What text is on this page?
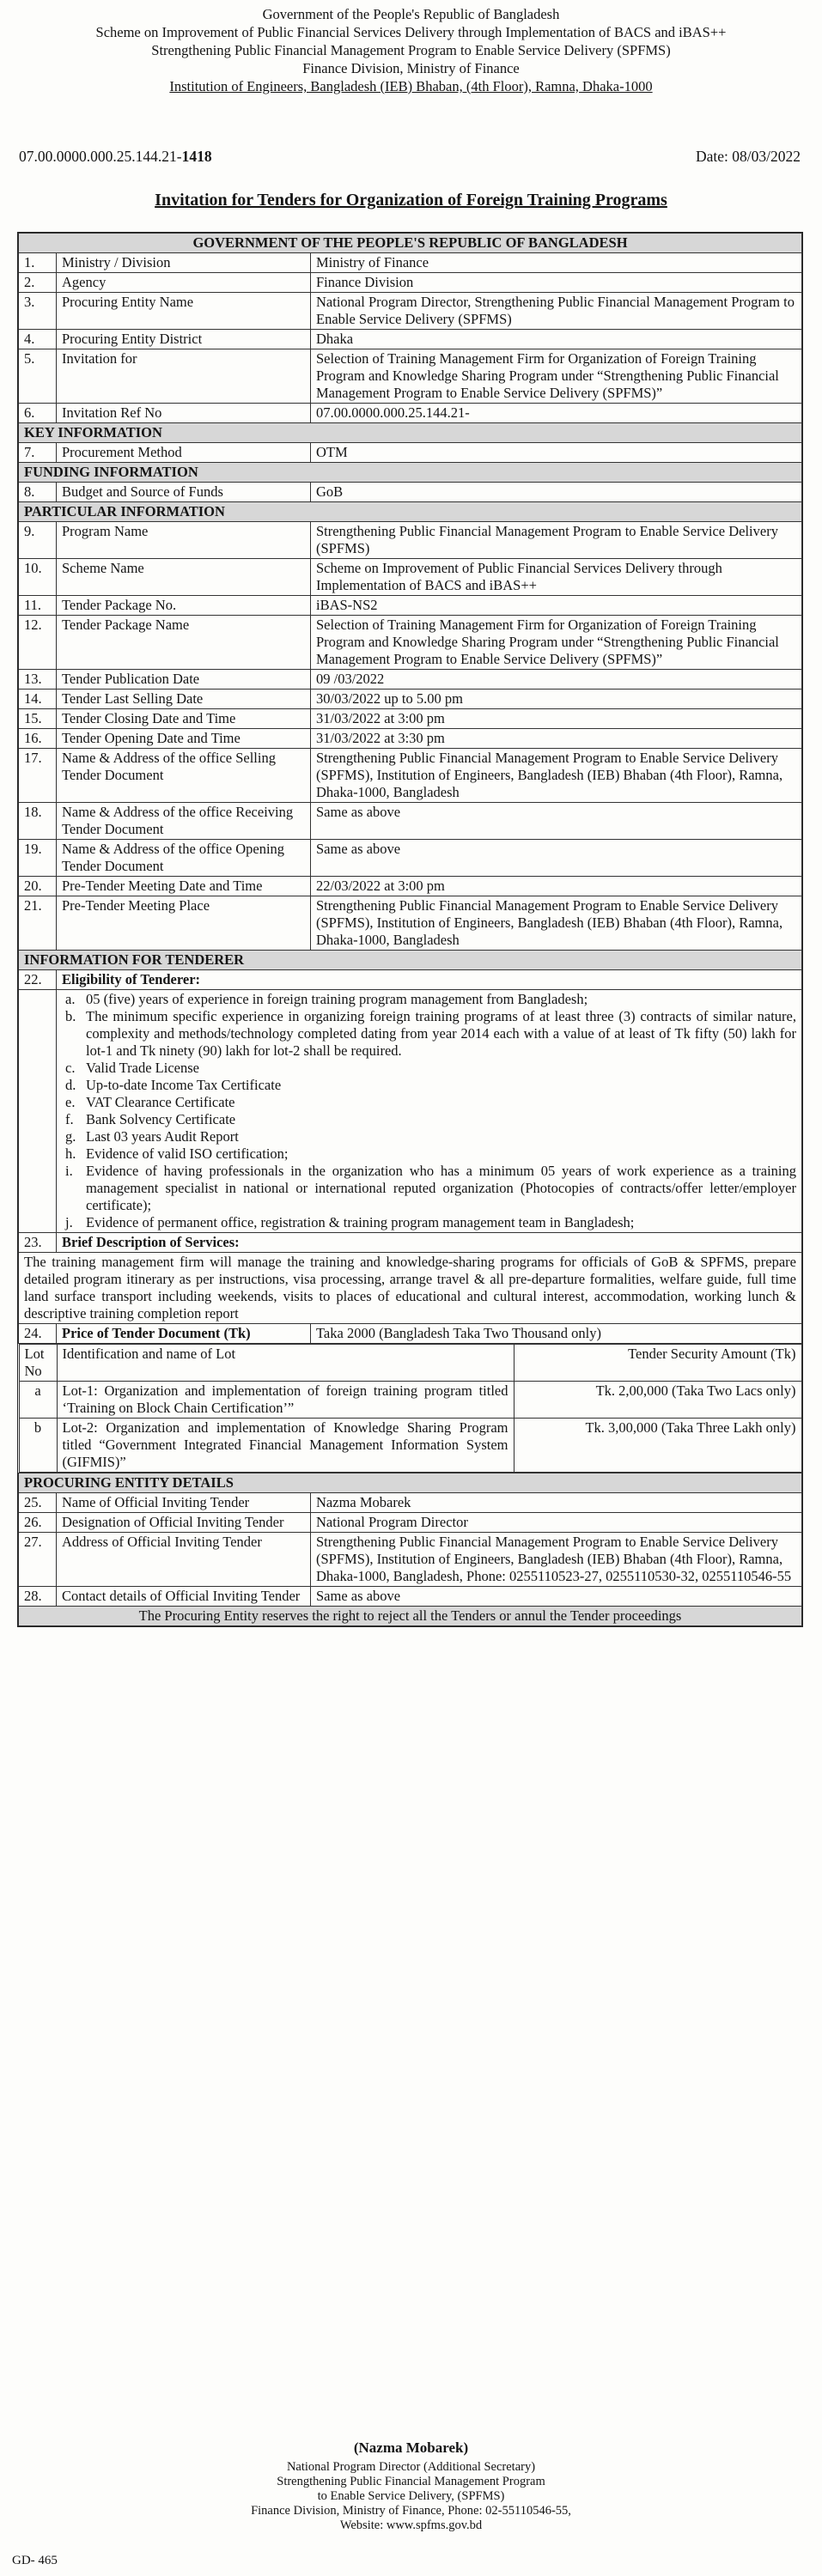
Government of the People's Republic of Bangladesh
Scheme on Improvement of Public Financial Services Delivery through Implementation of BACS and iBAS++
Strengthening Public Financial Management Program to Enable Service Delivery (SPFMS)
Finance Division, Ministry of Finance
Institution of Engineers, Bangladesh (IEB) Bhaban, (4th Floor), Ramna, Dhaka-1000
07.00.0000.000.25.144.21-1418	Date: 08/03/2022
Invitation for Tenders for Organization of Foreign Training Programs
GOVERNMENT OF THE PEOPLE'S REPUBLIC OF BANGLADESH
1.	Ministry / Division	Ministry of Finance
2.	Agency	Finance Division
3.	Procuring Entity Name	National Program Director, Strengthening Public Financial Management Program to Enable Service Delivery (SPFMS)
4.	Procuring Entity District	Dhaka
5.	Invitation for	Selection of Training Management Firm for Organization of Foreign Training Program and Knowledge Sharing Program under “Strengthening Public Financial Management Program to Enable Service Delivery (SPFMS)”
6.	Invitation Ref No	07.00.0000.000.25.144.21-
KEY INFORMATION
7.	Procurement Method	OTM
FUNDING INFORMATION
8.	Budget and Source of Funds	GoB
PARTICULAR INFORMATION
9.	Program Name	Strengthening Public Financial Management Program to Enable Service Delivery (SPFMS)
10.	Scheme Name	Scheme on Improvement of Public Financial Services Delivery through Implementation of BACS and iBAS++
11.	Tender Package No.	iBAS-NS2
12.	Tender Package Name	Selection of Training Management Firm for Organization of Foreign Training Program and Knowledge Sharing Program under “Strengthening Public Financial Management Program to Enable Service Delivery (SPFMS)”
13.	Tender Publication Date	09 /03/2022
14.	Tender Last Selling Date	30/03/2022 up to 5.00 pm
15.	Tender Closing Date and Time	31/03/2022 at 3:00 pm
16.	Tender Opening Date and Time	31/03/2022 at 3:30 pm
17.	Name & Address of the office Selling Tender Document	Strengthening Public Financial Management Program to Enable Service Delivery (SPFMS), Institution of Engineers, Bangladesh (IEB) Bhaban (4th Floor), Ramna, Dhaka-1000, Bangladesh
18.	Name & Address of the office Receiving Tender Document	Same as above
19.	Name & Address of the office Opening Tender Document	Same as above
20.	Pre-Tender Meeting Date and Time	22/03/2022 at 3:00 pm
21.	Pre-Tender Meeting Place	Strengthening Public Financial Management Program to Enable Service Delivery (SPFMS), Institution of Engineers, Bangladesh (IEB) Bhaban (4th Floor), Ramna, Dhaka-1000, Bangladesh
INFORMATION FOR TENDERER
22.	Eligibility of Tenderer:

a. 05 (five) years of experience in foreign training program management from Bangladesh;
b. The minimum specific experience in organizing foreign training programs of at least three (3) contracts of similar nature, complexity and methods/technology completed dating from year 2014 each with a value of at least of Tk fifty (50) lakh for lot-1 and Tk ninety (90) lakh for lot-2 shall be required.
c. Valid Trade License
d. Up-to-date Income Tax Certificate
e. VAT Clearance Certificate
f. Bank Solvency Certificate
g. Last 03 years Audit Report
h. Evidence of valid ISO certification;
i. Evidence of having professionals in the organization who has a minimum 05 years of work experience as a training management specialist in national or international reputed organization (Photocopies of contracts/offer letter/employer certificate);
j. Evidence of permanent office, registration & training program management team in Bangladesh;

23.	Brief Description of Services:
The training management firm will manage the training and knowledge-sharing programs for officials of GoB & SPFMS, prepare detailed program itinerary as per instructions, visa processing, arrange travel & all pre-departure formalities, welfare guide, full time land surface transport including weekends, visits to places of educational and cultural interest, accommodation, working lunch & descriptive training completion report
24.	Price of Tender Document (Tk)	Taka 2000 (Bangladesh Taka Two Thousand only)

Lot No	Identification and name of Lot	Tender Security Amount (Tk)
a	Lot-1: Organization and implementation of foreign training program titled ‘Training on Block Chain Certification’”	Tk. 2,00,000 (Taka Two Lacs only)
b	Lot-2: Organization and implementation of Knowledge Sharing Program titled “Government Integrated Financial Management Information System (GIFMIS)”	Tk. 3,00,000 (Taka Three Lakh only)

PROCURING ENTITY DETAILS
25.	Name of Official Inviting Tender	Nazma Mobarek
26.	Designation of Official Inviting Tender	National Program Director
27.	Address of Official Inviting Tender	Strengthening Public Financial Management Program to Enable Service Delivery (SPFMS), Institution of Engineers, Bangladesh (IEB) Bhaban (4th Floor), Ramna, Dhaka-1000, Bangladesh, Phone: 0255110523-27, 0255110530-32, 0255110546-55
28.	Contact details of Official Inviting Tender	Same as above
The Procuring Entity reserves the right to reject all the Tenders or annul the Tender proceedings
(Nazma Mobarek)
National Program Director (Additional Secretary)
Strengthening Public Financial Management Program
to Enable Service Delivery, (SPFMS)
Finance Division, Ministry of Finance, Phone: 02-55110546-55,
Website: www.spfms.gov.bd
GD- 465
